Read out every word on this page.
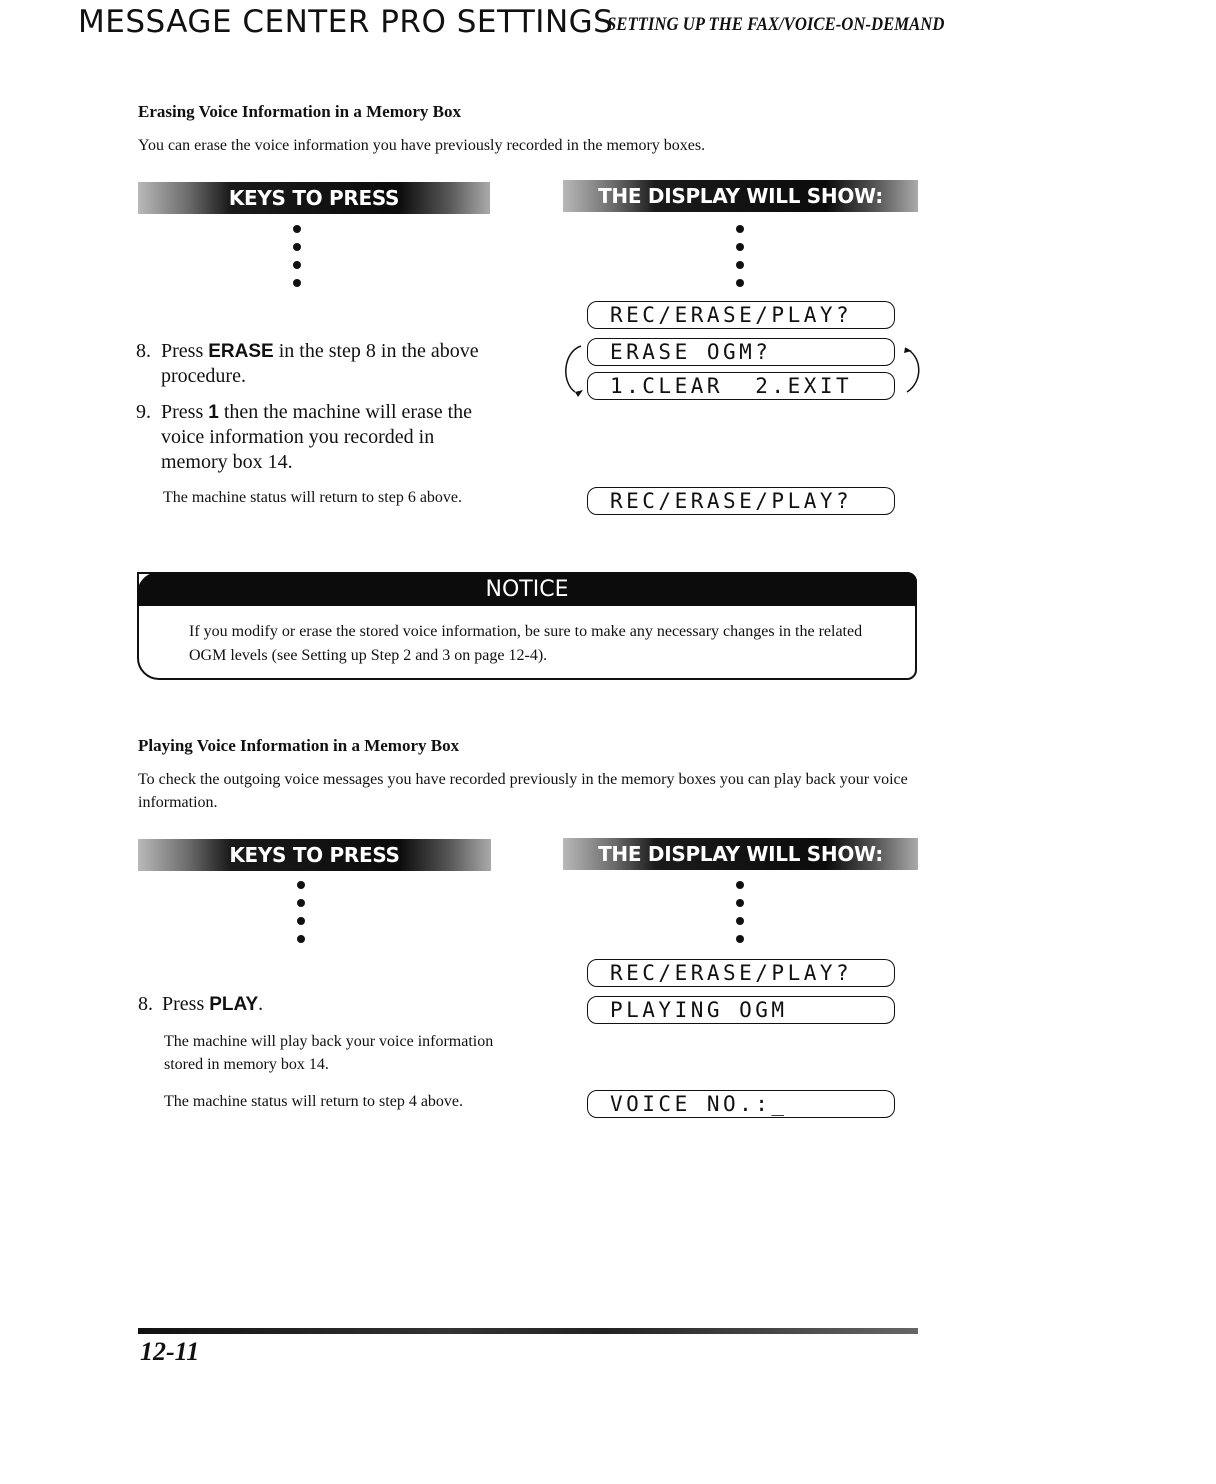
MESSAGE CENTER PRO SETTINGS
SETTING UP THE FAX/VOICE-ON-DEMAND
Erasing Voice Information in a Memory Box
You can erase the voice information you have previously recorded in the memory boxes.
KEYS TO PRESS	THE DISPLAY WILL SHOW:
8. Press ERASE in the step 8 in the above procedure.
9. Press 1 then the machine will erase the voice information you recorded in memory box 14.
The machine status will return to step 6 above.
REC/ERASE/PLAY?
ERASE OGM?
1.CLEAR  2.EXIT
REC/ERASE/PLAY?
NOTICE
If you modify or erase the stored voice information, be sure to make any necessary changes in the related OGM levels (see Setting up Step 2 and 3 on page 12-4).
Playing Voice Information in a Memory Box
To check the outgoing voice messages you have recorded previously in the memory boxes you can play back your voice information.
KEYS TO PRESS	THE DISPLAY WILL SHOW:
8. Press PLAY.
The machine will play back your voice information stored in memory box 14.
The machine status will return to step 4 above.
REC/ERASE/PLAY?
PLAYING OGM
VOICE NO.:_
12-11
